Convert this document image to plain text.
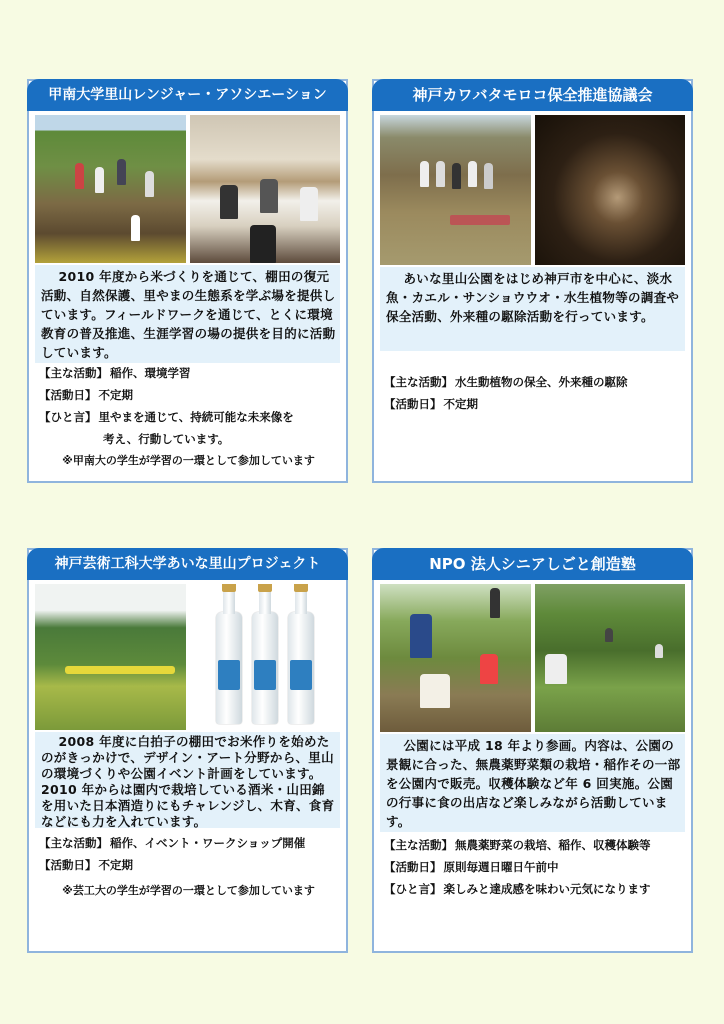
甲南大学里山レンジャー・アソシエーション
2010 年度から米づくりを通じて、棚田の復元活動、自然保護、里やまの生態系を学ぶ場を提供しています。フィールドワークを通じて、とくに環境教育の普及推進、生涯学習の場の提供を目的に活動しています。
【主な活動】 稲作、環境学習
【活動日】 不定期
【ひと言】 里やまを通じて、持続可能な未来像を
考え、行動しています。
※甲南大の学生が学習の一環として参加しています
神戸カワバタモロコ保全推進協議会
あいな里山公園をはじめ神戸市を中心に、淡水魚・カエル・サンショウウオ・水生植物等の調査や保全活動、外来種の駆除活動を行っています。
【主な活動】 水生動植物の保全、外来種の駆除
【活動日】 不定期
神戸芸術工科大学あいな里山プロジェクト
2008 年度に白拍子の棚田でお米作りを始めたのがきっかけで、デザイン・アート分野から、里山の環境づくりや公園イベント計画をしています。2010 年からは園内で栽培している酒米・山田錦を用いた日本酒造りにもチャレンジし、木育、食育などにも力を入れています。
【主な活動】 稲作、イベント・ワークショップ開催
【活動日】 不定期
※芸工大の学生が学習の一環として参加しています
NPO 法人シニアしごと創造塾
公園には平成 18 年より参画。内容は、公園の景観に合った、無農薬野菜類の栽培・稲作その一部を公園内で販売。収穫体験など年 6 回実施。公園の行事に食の出店など楽しみながら活動しています。
【主な活動】 無農薬野菜の栽培、稲作、収穫体験等
【活動日】 原則毎週日曜日午前中
【ひと言】 楽しみと達成感を味わい元気になります
